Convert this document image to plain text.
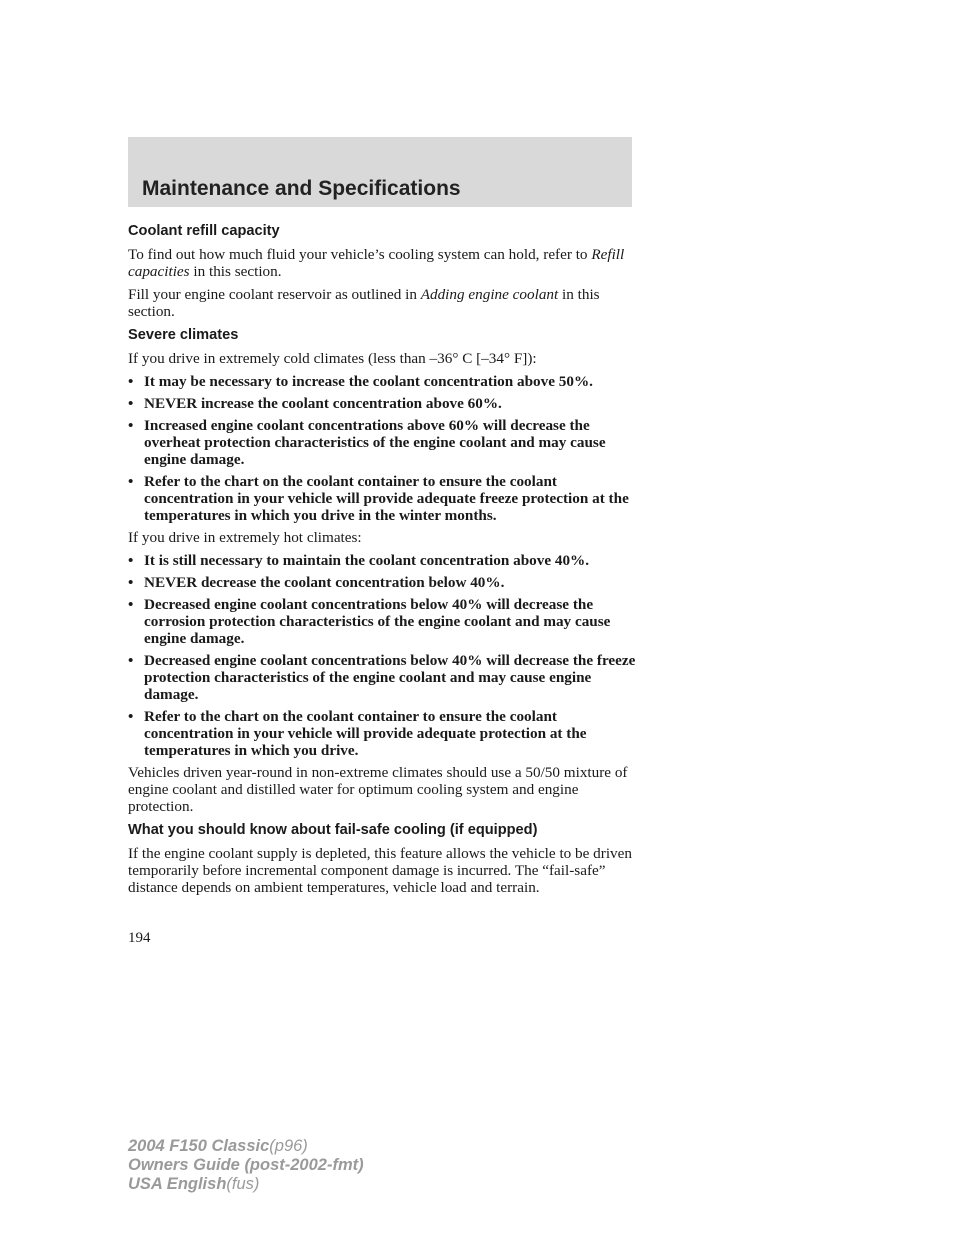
Maintenance and Specifications
Coolant refill capacity

To find out how much fluid your vehicle’s cooling system can hold, refer to Refill capacities in this section.

Fill your engine coolant reservoir as outlined in Adding engine coolant in this section.

Severe climates

If you drive in extremely cold climates (less than –36° C [–34° F]):

• It may be necessary to increase the coolant concentration above 50%.
• NEVER increase the coolant concentration above 60%.
• Increased engine coolant concentrations above 60% will decrease the overheat protection characteristics of the engine coolant and may cause engine damage.
• Refer to the chart on the coolant container to ensure the coolant concentration in your vehicle will provide adequate freeze protection at the temperatures in which you drive in the winter months.

If you drive in extremely hot climates:

• It is still necessary to maintain the coolant concentration above 40%.
• NEVER decrease the coolant concentration below 40%.
• Decreased engine coolant concentrations below 40% will decrease the corrosion protection characteristics of the engine coolant and may cause engine damage.
• Decreased engine coolant concentrations below 40% will decrease the freeze protection characteristics of the engine coolant and may cause engine damage.
• Refer to the chart on the coolant container to ensure the coolant concentration in your vehicle will provide adequate protection at the temperatures in which you drive.

Vehicles driven year-round in non-extreme climates should use a 50/50 mixture of engine coolant and distilled water for optimum cooling system and engine protection.

What you should know about fail-safe cooling (if equipped)

If the engine coolant supply is depleted, this feature allows the vehicle to be driven temporarily before incremental component damage is incurred. The “fail-safe” distance depends on ambient temperatures, vehicle load and terrain.

194
2004 F150 Classic(p96)
Owners Guide (post-2002-fmt)
USA English(fus)
